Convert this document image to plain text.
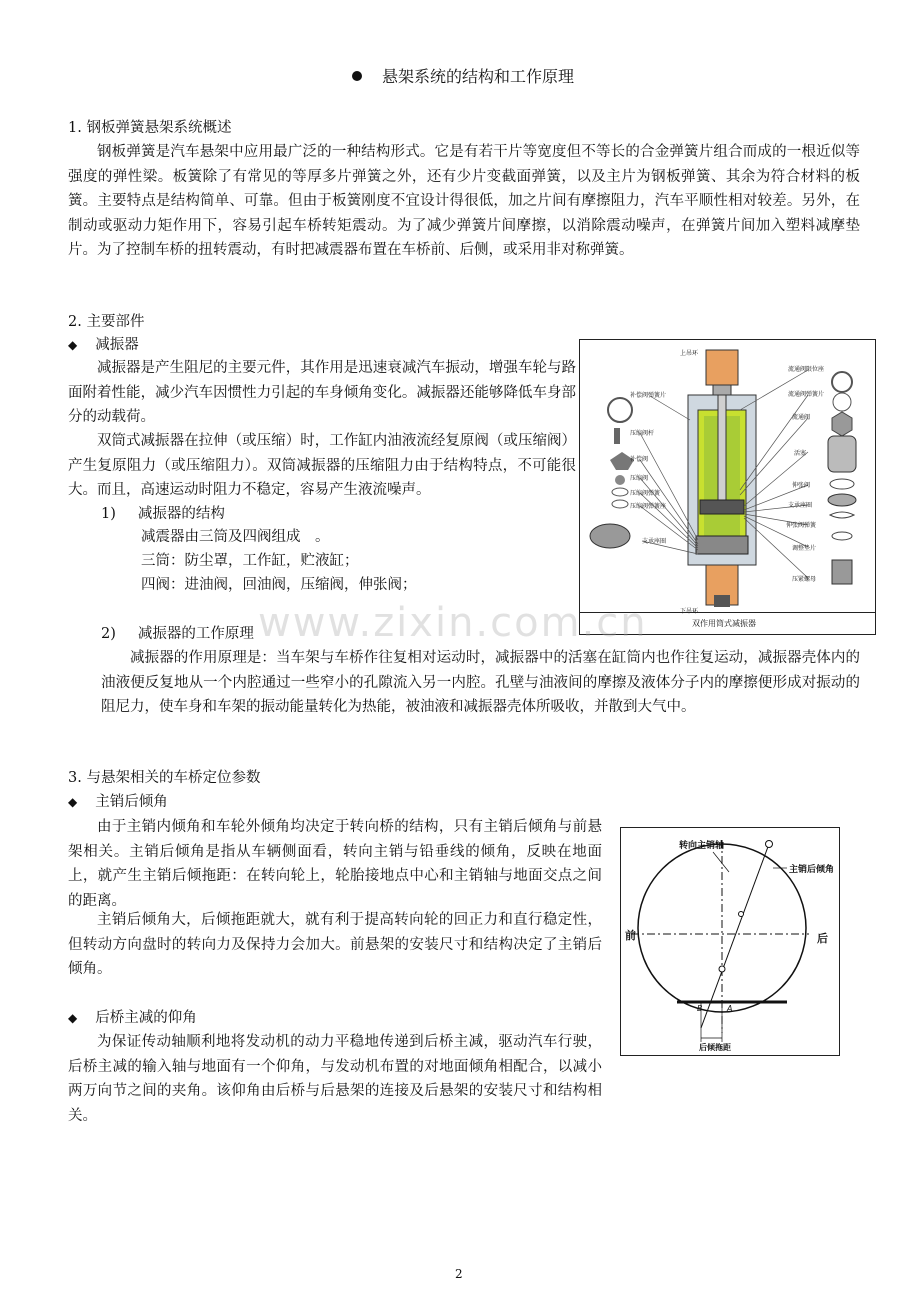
悬架系统的结构和工作原理
1. 钢板弹簧悬架系统概述
钢板弹簧是汽车悬架中应用最广泛的一种结构形式。它是有若干片等宽度但不等长的合金弹簧片组合而成的一根近似等强度的弹性梁。板簧除了有常见的等厚多片弹簧之外，还有少片变截面弹簧，以及主片为钢板弹簧、其余为符合材料的板簧。主要特点是结构简单、可靠。但由于板簧刚度不宜设计得很低，加之片间有摩擦阻力，汽车平顺性相对较差。另外，在制动或驱动力矩作用下，容易引起车桥转矩震动。为了减少弹簧片间摩擦，以消除震动噪声，在弹簧片间加入塑料减摩垫片。为了控制车桥的扭转震动，有时把减震器布置在车桥前、后侧，或采用非对称弹簧。
2. 主要部件
◆ 减振器
减振器是产生阻尼的主要元件，其作用是迅速衰减汽车振动，增强车轮与路面附着性能，减少汽车因惯性力引起的车身倾角变化。减振器还能够降低车身部分的动载荷。
双筒式减振器在拉伸（或压缩）时，工作缸内油液流经复原阀（或压缩阀）产生复原阻力（或压缩阻力）。双筒减振器的压缩阻力由于结构特点，不可能很大。而且，高速运动时阻力不稳定，容易产生液流噪声。
1) 减振器的结构
减震器由三筒及四阀组成　。
三筒：防尘罩，工作缸，贮液缸；
四阀：进油阀，回油阀，压缩阀，伸张阀；
上吊环
下吊环
补偿阀弹簧片
压缩阀杆
补偿阀
压缩阀
压缩阀弹簧
压缩阀弹簧座
支承座圈
流通阀限位座
流通阀弹簧片
流通阀
活塞
伸张阀
支承座圈
伸张阀弹簧
调整垫片
压紧螺母
双作用筒式减振器
www.zixin.com.cn
2) 减振器的工作原理
减振器的作用原理是：当车架与车桥作往复相对运动时，减振器中的活塞在缸筒内也作往复运动，减振器壳体内的油液便反复地从一个内腔通过一些窄小的孔隙流入另一内腔。孔壁与油液间的摩擦及液体分子内的摩擦便形成对振动的阻尼力，使车身和车架的振动能量转化为热能，被油液和减振器壳体所吸收，并散到大气中。
3. 与悬架相关的车桥定位参数
◆ 主销后倾角
由于主销内倾角和车轮外倾角均决定于转向桥的结构，只有主销后倾角与前悬架相关。主销后倾角是指从车辆侧面看，转向主销与铅垂线的倾角，反映在地面上，就产生主销后倾拖距：在转向轮上，轮胎接地点中心和主销轴与地面交点之间的距离。
主销后倾角大，后倾拖距就大，就有利于提高转向轮的回正力和直行稳定性，但转动方向盘时的转向力及保持力会加大。前悬架的安装尺寸和结构决定了主销后倾角。
◆ 后桥主减的仰角
为保证传动轴顺利地将发动机的动力平稳地传递到后桥主减，驱动汽车行驶，后桥主减的输入轴与地面有一个仰角，与发动机布置的对地面倾角相配合，以减小两万向节之间的夹角。该仰角由后桥与后悬架的连接及后悬架的安装尺寸和结构相关。
转向主销轴
主销后倾角
前	后
B	A
后倾拖距
2
